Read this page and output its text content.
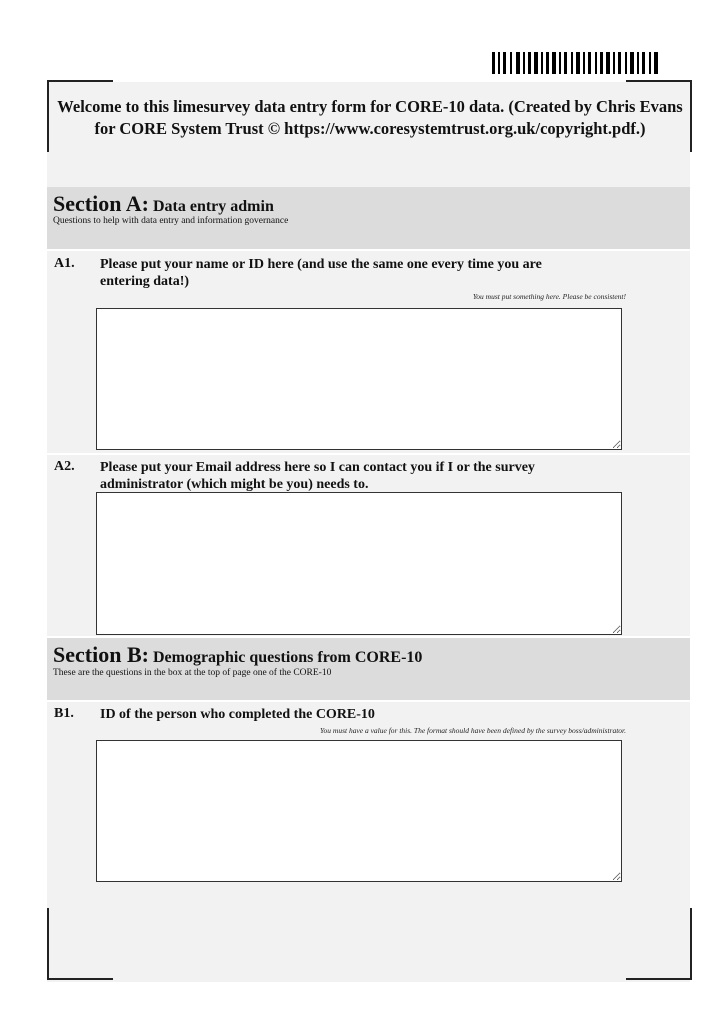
Welcome to this limesurvey data entry form for CORE-10 data. (Created by Chris Evans for CORE System Trust © https://www.coresystemtrust.org.uk/copyright.pdf.)
Section A: Data entry admin
Questions to help with data entry and information governance
A1. Please put your name or ID here (and use the same one every time you are entering data!)
You must put something here. Please be consistent!
A2. Please put your Email address here so I can contact you if I or the survey administrator (which might be you) needs to.
Section B: Demographic questions from CORE-10
These are the questions in the box at the top of page one of the CORE-10
B1. ID of the person who completed the CORE-10
You must have a value for this. The format should have been defined by the survey boss/administrator.
